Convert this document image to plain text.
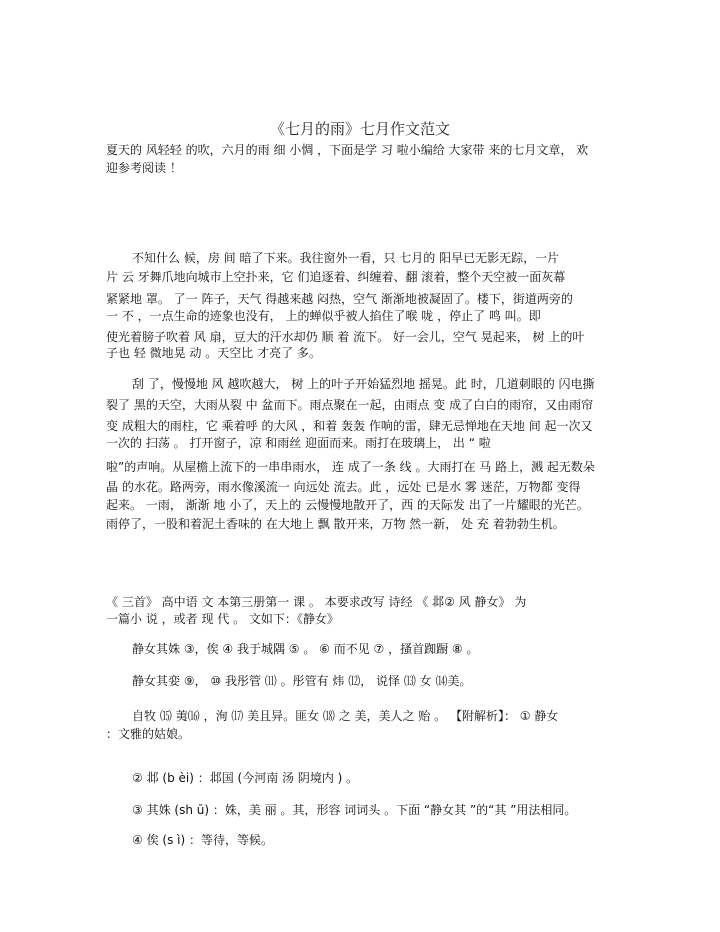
《七月的雨》七月作文范文
夏天的 风轻轻 的吹，六月的雨 细 小惆 ，下面是学 习 啦小编给 大家带 来的七月文章， 欢
迎参考阅读 ！
不知什么 候，房 间 暗了下来。我往窗外一看，只 七月的 阳早已无影无踪，一片
片 云 牙舞爪地向城市上空扑来，它 们追逐着、纠缠着、翻 滚着，整个天空被一面灰幕
紧紧地 罩。 了一 阵子，天气 得越来越 闷热，空气 渐渐地被凝固了。楼下，街道两旁的
一 不 ，一点生命的迹象也没有， 上的蝉似乎被人掐住了喉 咙 ，停止了 鸣 叫。即
使光着膀子吹着 风 扇，豆大的汗水却仍 顺 着 流下。 好一会儿，空气 晃起来， 树 上的叶
子也 轻 微地晃 动 。天空比 才亮了 多。
刮 了，慢慢地 风 越吹越大， 树 上的叶子开始猛烈地 摇晃。此 时，几道刺眼的 闪电撕
裂了 黑的天空，大雨从裂 中 盆而下。雨点聚在一起，由雨点 变 成了白白的雨帘，又由雨帘
变 成粗大的雨柱，它 乘着呼 的大风 ，和着 轰轰 作响的雷，肆无忌惮地在天地 间 起一次又
一次的 扫荡 。 打开窗子，凉 和雨丝 迎面而来。雨打在玻璃上， 出 “ 啦
啦”的声响。从屋檐上流下的一串串雨水， 连 成了一条 线 。大雨打在 马 路上，溅 起无数朵
晶 的水花。路两旁，雨水像溪流一 向远处 流去。此 ，远处 已是水 雾 迷茫，万物都 变得
起来。 一雨， 渐渐 地 小了，天上的 云慢慢地散开了，西 的天际发 出了一片耀眼的光芒。
雨停了，一股和着泥土香味的 在大地上 飘 散开来，万物 然一新， 处 充 着勃勃生机。
《 三首》 高中语 文 本第三册第一 课 。 本要求改写 诗经 《 邶② 风 静女》 为
一篇小 说 ，或者 现 代 。 文如下：《静女》
静女其姝 ③，俟 ④ 我于城隅 ⑤ 。 ⑥ 而不见 ⑦ ，搔首踟蹰 ⑧ 。
静女其娈 ⑨， ⑩ 我彤管 ⑾ 。彤管有 炜 ⑿， 说怿 ⒀ 女 ⒁美。
自牧 ⒂ 荑⒃ ，洵 ⒄ 美且异。匪女 ⒅ 之 美，美人之 贻 。 【附解析】： ① 静女
：文雅的姑娘。
② 邶 (b èi) ：邶国 (今河南 汤 阴境内 ) 。
③ 其姝 (sh ū) ：姝，美 丽 。其，形容 词词头 。下面 “静女其 ”的“其 ”用法相同。
④ 俟 (s ì) ：等待，等候。
